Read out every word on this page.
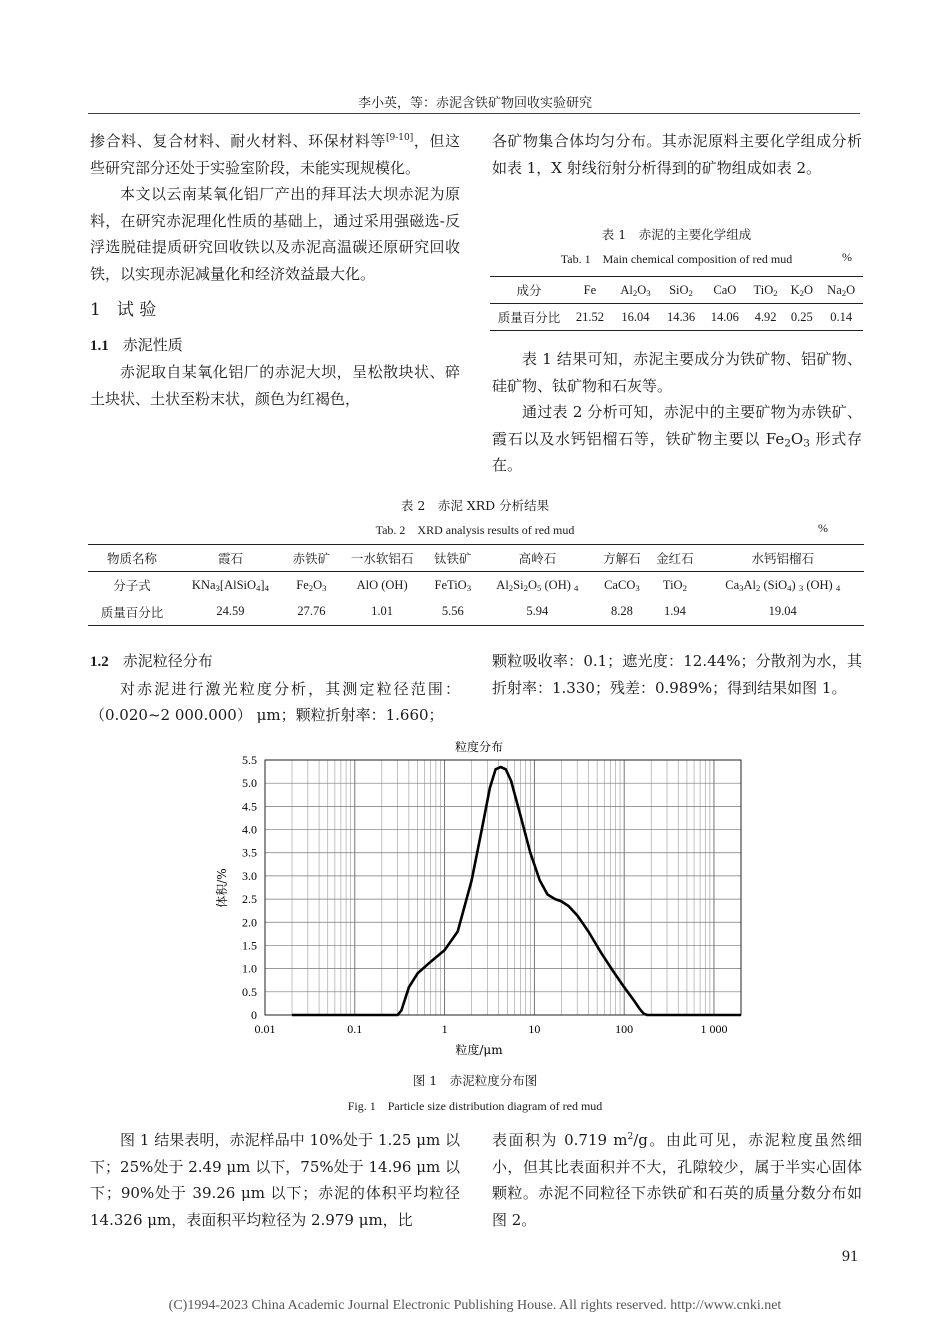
李小英，等：赤泥含铁矿物回收实验研究

掺合料、复合材料、耐火材料、环保材料等[9-10]，但这些研究部分还处于实验室阶段，未能实现规模化。

本文以云南某氧化铝厂产出的拜耳法大坝赤泥为原料，在研究赤泥理化性质的基础上，通过采用强磁选-反浮选脱硅提质研究回收铁以及赤泥高温碳还原研究回收铁，以实现赤泥减量化和经济效益最大化。

1 试 验

1.1 赤泥性质

赤泥取自某氧化铝厂的赤泥大坝，呈松散块状、碎土块状、土状至粉末状，颜色为红褐色，

各矿物集合体均匀分布。其赤泥原料主要化学组成分析如表 1，X 射线衍射分析得到的矿物组成如表 2。

表 1　赤泥的主要化学组成
Tab. 1　Main chemical composition of red mud	%
成分	Fe	$Al_2O_3$	SiO$_2$	CaO	TiO$_2$	$K_2O$	$Na_2O$
质量百分比	21.52	16.04	14.36	14.06	4.92	0.25	0.14

表 1 结果可知，赤泥主要成分为铁矿物、铝矿物、硅矿物、钛矿物和石灰等。

通过表 2 分析可知，赤泥中的主要矿物为赤铁矿、霞石以及水钙铝榴石等，铁矿物主要以 $Fe_2O_3$ 形式存在。

表 2　赤泥 XRD 分析结果
Tab. 2　XRD analysis results of red mud	%
物质名称	霞石	赤铁矿	一水软铝石	钛铁矿	高岭石	方解石	金红石	水钙铝榴石
分子式	$KNa_3[AlSiO_4]_4$	$Fe_2O_3$	AlO (OH)	FeTiO$_3$	$Al_2Si_2O_5$ (OH) $_4$	CaCO$_3$	TiO$_2$	$Ca_3Al_2$ (SiO$_4$) $_3$ (OH) $_4$
质量百分比	24.59	27.76	1.01	5.56	5.94	8.28	1.94	19.04

1.2 赤泥粒径分布

对赤泥进行激光粒度分析，其测定粒径范围：（0.020~2 000.000） μm；颗粒折射率：1.660；

颗粒吸收率：0.1；遮光度：12.44%；分散剂为水，其折射率：1.330；残差：0.989%；得到结果如图 1。

粒度分布
0
0.5
1.0
1.5
2.0
2.5
3.0
3.5
4.0
4.5
5.0
5.5
0.01	0.1	1	10	100	1 000
体积/%
粒度/μm
图 1　赤泥粒度分布图
Fig. 1　Particle size distribution diagram of red mud

图 1 结果表明，赤泥样品中 10%处于 1.25 μm 以下；25%处于 2.49 μm 以下，75%处于 14.96 μm 以下；90%处于 39.26 μm 以下；赤泥的体积平均粒径 14.326 μm，表面积平均粒径为 2.979 μm，比

表面积为 0.719 $m^2/g$。由此可见，赤泥粒度虽然细小，但其比表面积并不大，孔隙较少，属于半实心固体颗粒。赤泥不同粒径下赤铁矿和石英的质量分数分布如图 2。

91
(C)1994-2023 China Academic Journal Electronic Publishing House. All rights reserved. http://www.cnki.net
